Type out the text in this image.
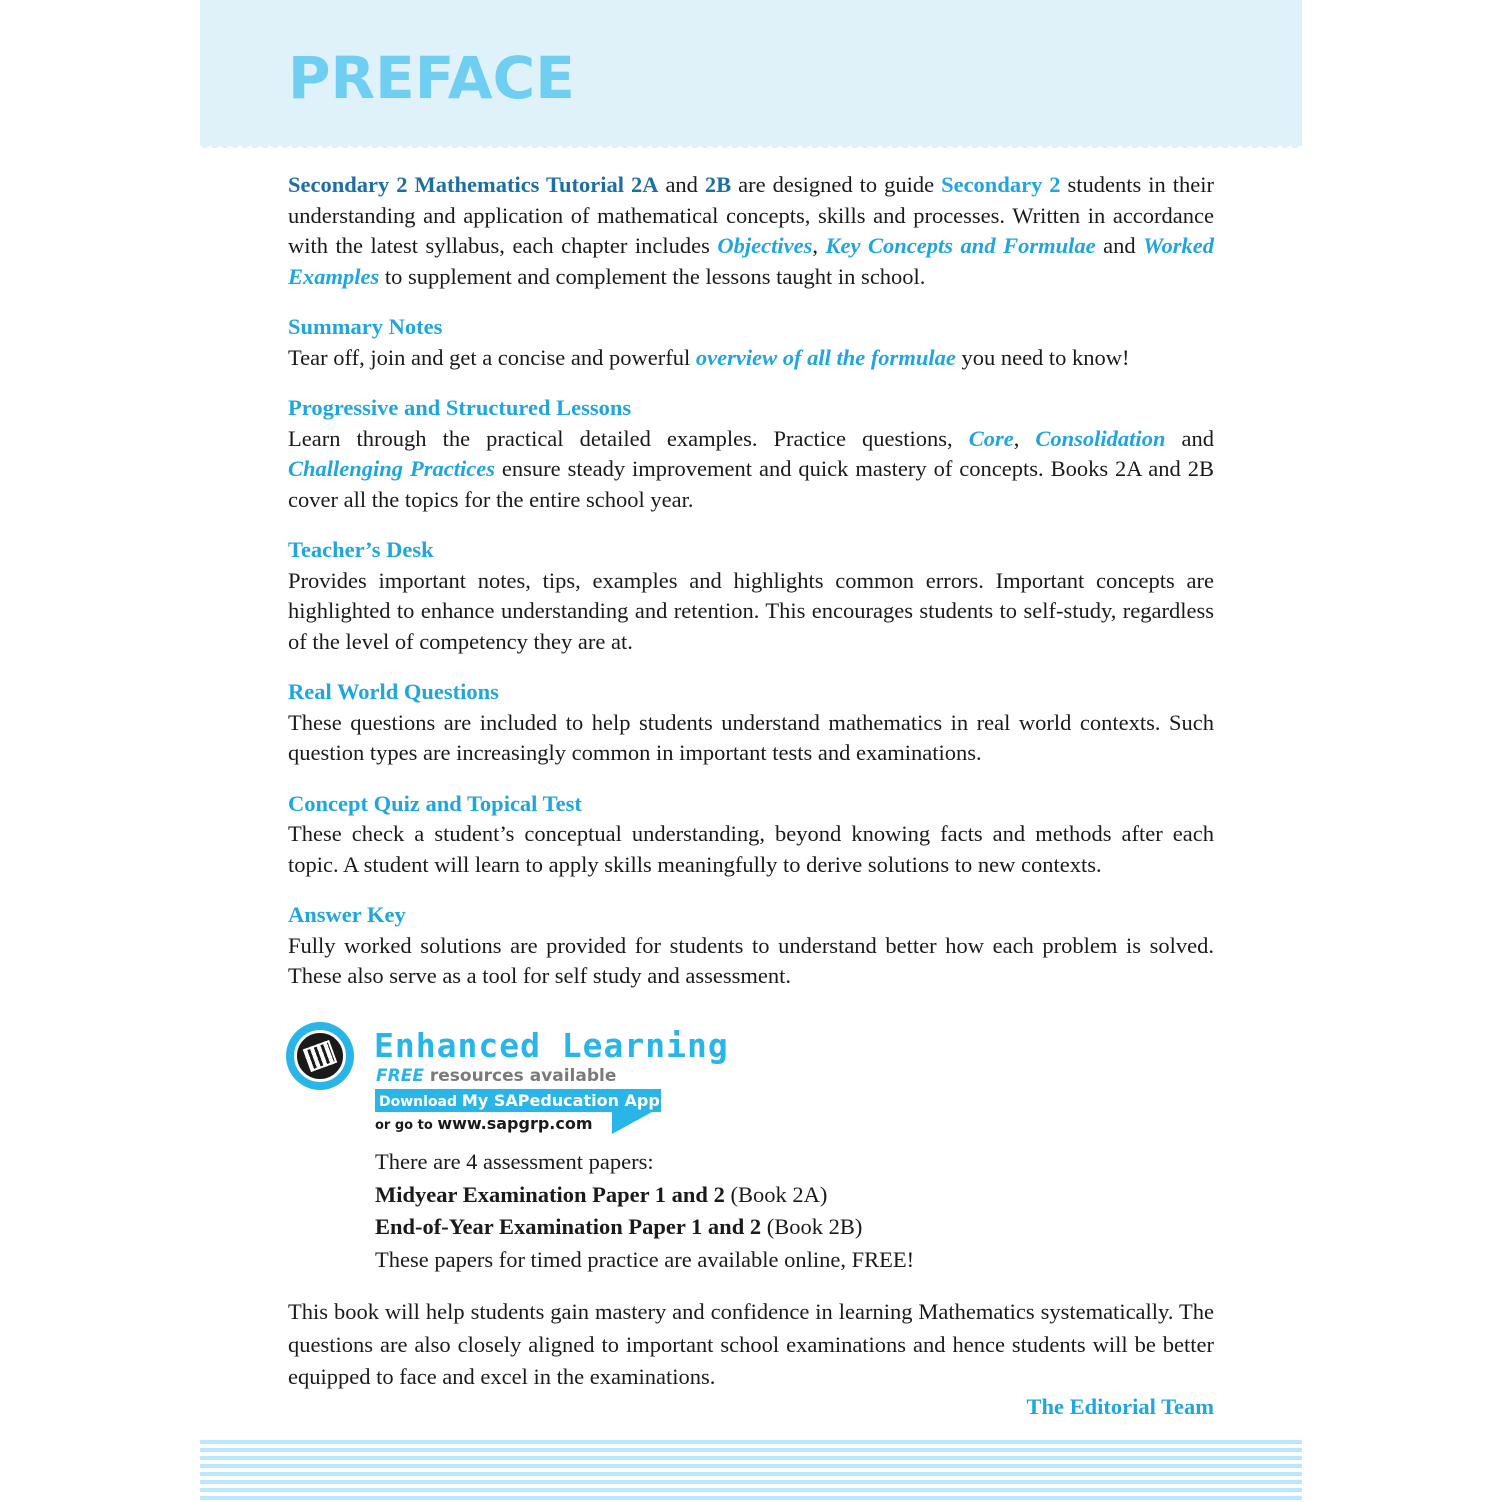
PREFACE

Secondary 2 Mathematics Tutorial 2A and 2B are designed to guide Secondary 2 students in their understanding and application of mathematical concepts, skills and processes. Written in accordance with the latest syllabus, each chapter includes Objectives, Key Concepts and Formulae and Worked Examples to supplement and complement the lessons taught in school.

Summary Notes

Tear off, join and get a concise and powerful overview of all the formulae you need to know!

Progressive and Structured Lessons

Learn through the practical detailed examples. Practice questions, Core, Consolidation and Challenging Practices ensure steady improvement and quick mastery of concepts. Books 2A and 2B cover all the topics for the entire school year.

Teacher’s Desk

Provides important notes, tips, examples and highlights common errors. Important concepts are highlighted to enhance understanding and retention. This encourages students to self-study, regardless of the level of competency they are at.

Real World Questions

These questions are included to help students understand mathematics in real world contexts. Such question types are increasingly common in important tests and examinations.

Concept Quiz and Topical Test

These check a student’s conceptual understanding, beyond knowing facts and methods after each topic. A student will learn to apply skills meaningfully to derive solutions to new contexts.

Answer Key

Fully worked solutions are provided for students to understand better how each problem is solved. These also serve as a tool for self study and assessment.

Enhanced Learning
FREE resources available
Download My SAPeducation App Now!
or go to www.sapgrp.com
There are 4 assessment papers:
Midyear Examination Paper 1 and 2 (Book 2A)
End-of-Year Examination Paper 1 and 2 (Book 2B)
These papers for timed practice are available online, FREE!

This book will help students gain mastery and confidence in learning Mathematics systematically. The questions are also closely aligned to important school examinations and hence students will be better equipped to face and excel in the examinations.

The Editorial Team
